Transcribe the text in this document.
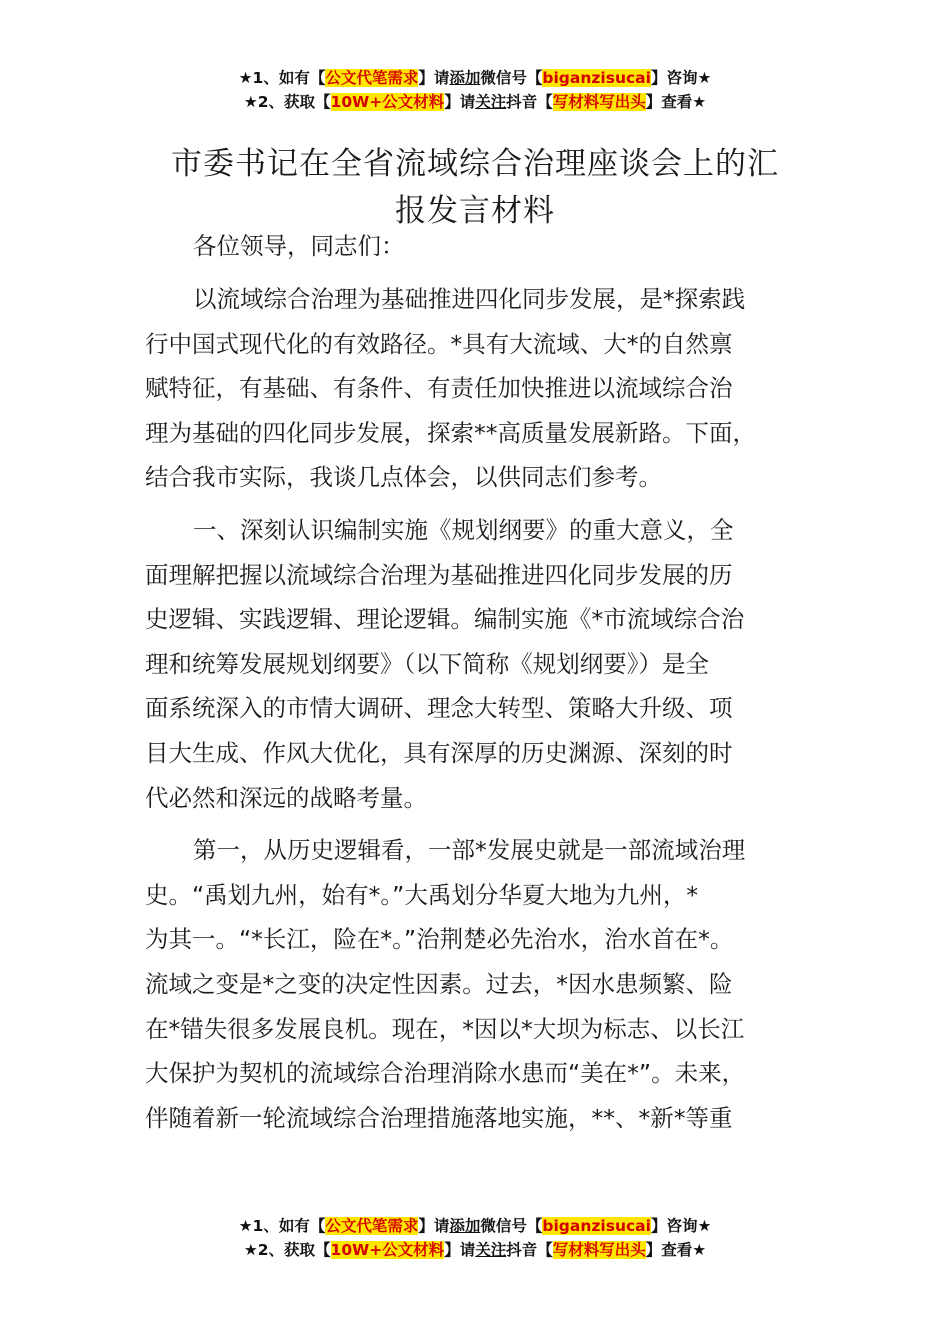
★1、如有【公文代笔需求】请添加微信号【biganzisucai】咨询★
★2、获取【10W+公文材料】请关注抖音【写材料写出头】查看★
市委书记在全省流域综合治理座谈会上的汇
报发言材料

各位领导，同志们：

以流域综合治理为基础推进四化同步发展，是*探索践
行中国式现代化的有效路径。*具有大流域、大*的自然禀
赋特征，有基础、有条件、有责任加快推进以流域综合治
理为基础的四化同步发展，探索**高质量发展新路。下面，
结合我市实际，我谈几点体会，以供同志们参考。

一、深刻认识编制实施《规划纲要》的重大意义，全
面理解把握以流域综合治理为基础推进四化同步发展的历
史逻辑、实践逻辑、理论逻辑。编制实施《*市流域综合治
理和统筹发展规划纲要》（以下简称《规划纲要》）是全
面系统深入的市情大调研、理念大转型、策略大升级、项
目大生成、作风大优化，具有深厚的历史渊源、深刻的时
代必然和深远的战略考量。

第一，从历史逻辑看，一部*发展史就是一部流域治理
史。“禹划九州，始有*。”大禹划分华夏大地为九州，*
为其一。“*长江，险在*。”治荆楚必先治水，治水首在*。
流域之变是*之变的决定性因素。过去，*因水患频繁、险
在*错失很多发展良机。现在，*因以*大坝为标志、以长江
大保护为契机的流域综合治理消除水患而“美在*”。未来，
伴随着新一轮流域综合治理措施落地实施，**、*新*等重

★1、如有【公文代笔需求】请添加微信号【biganzisucai】咨询★
★2、获取【10W+公文材料】请关注抖音【写材料写出头】查看★
